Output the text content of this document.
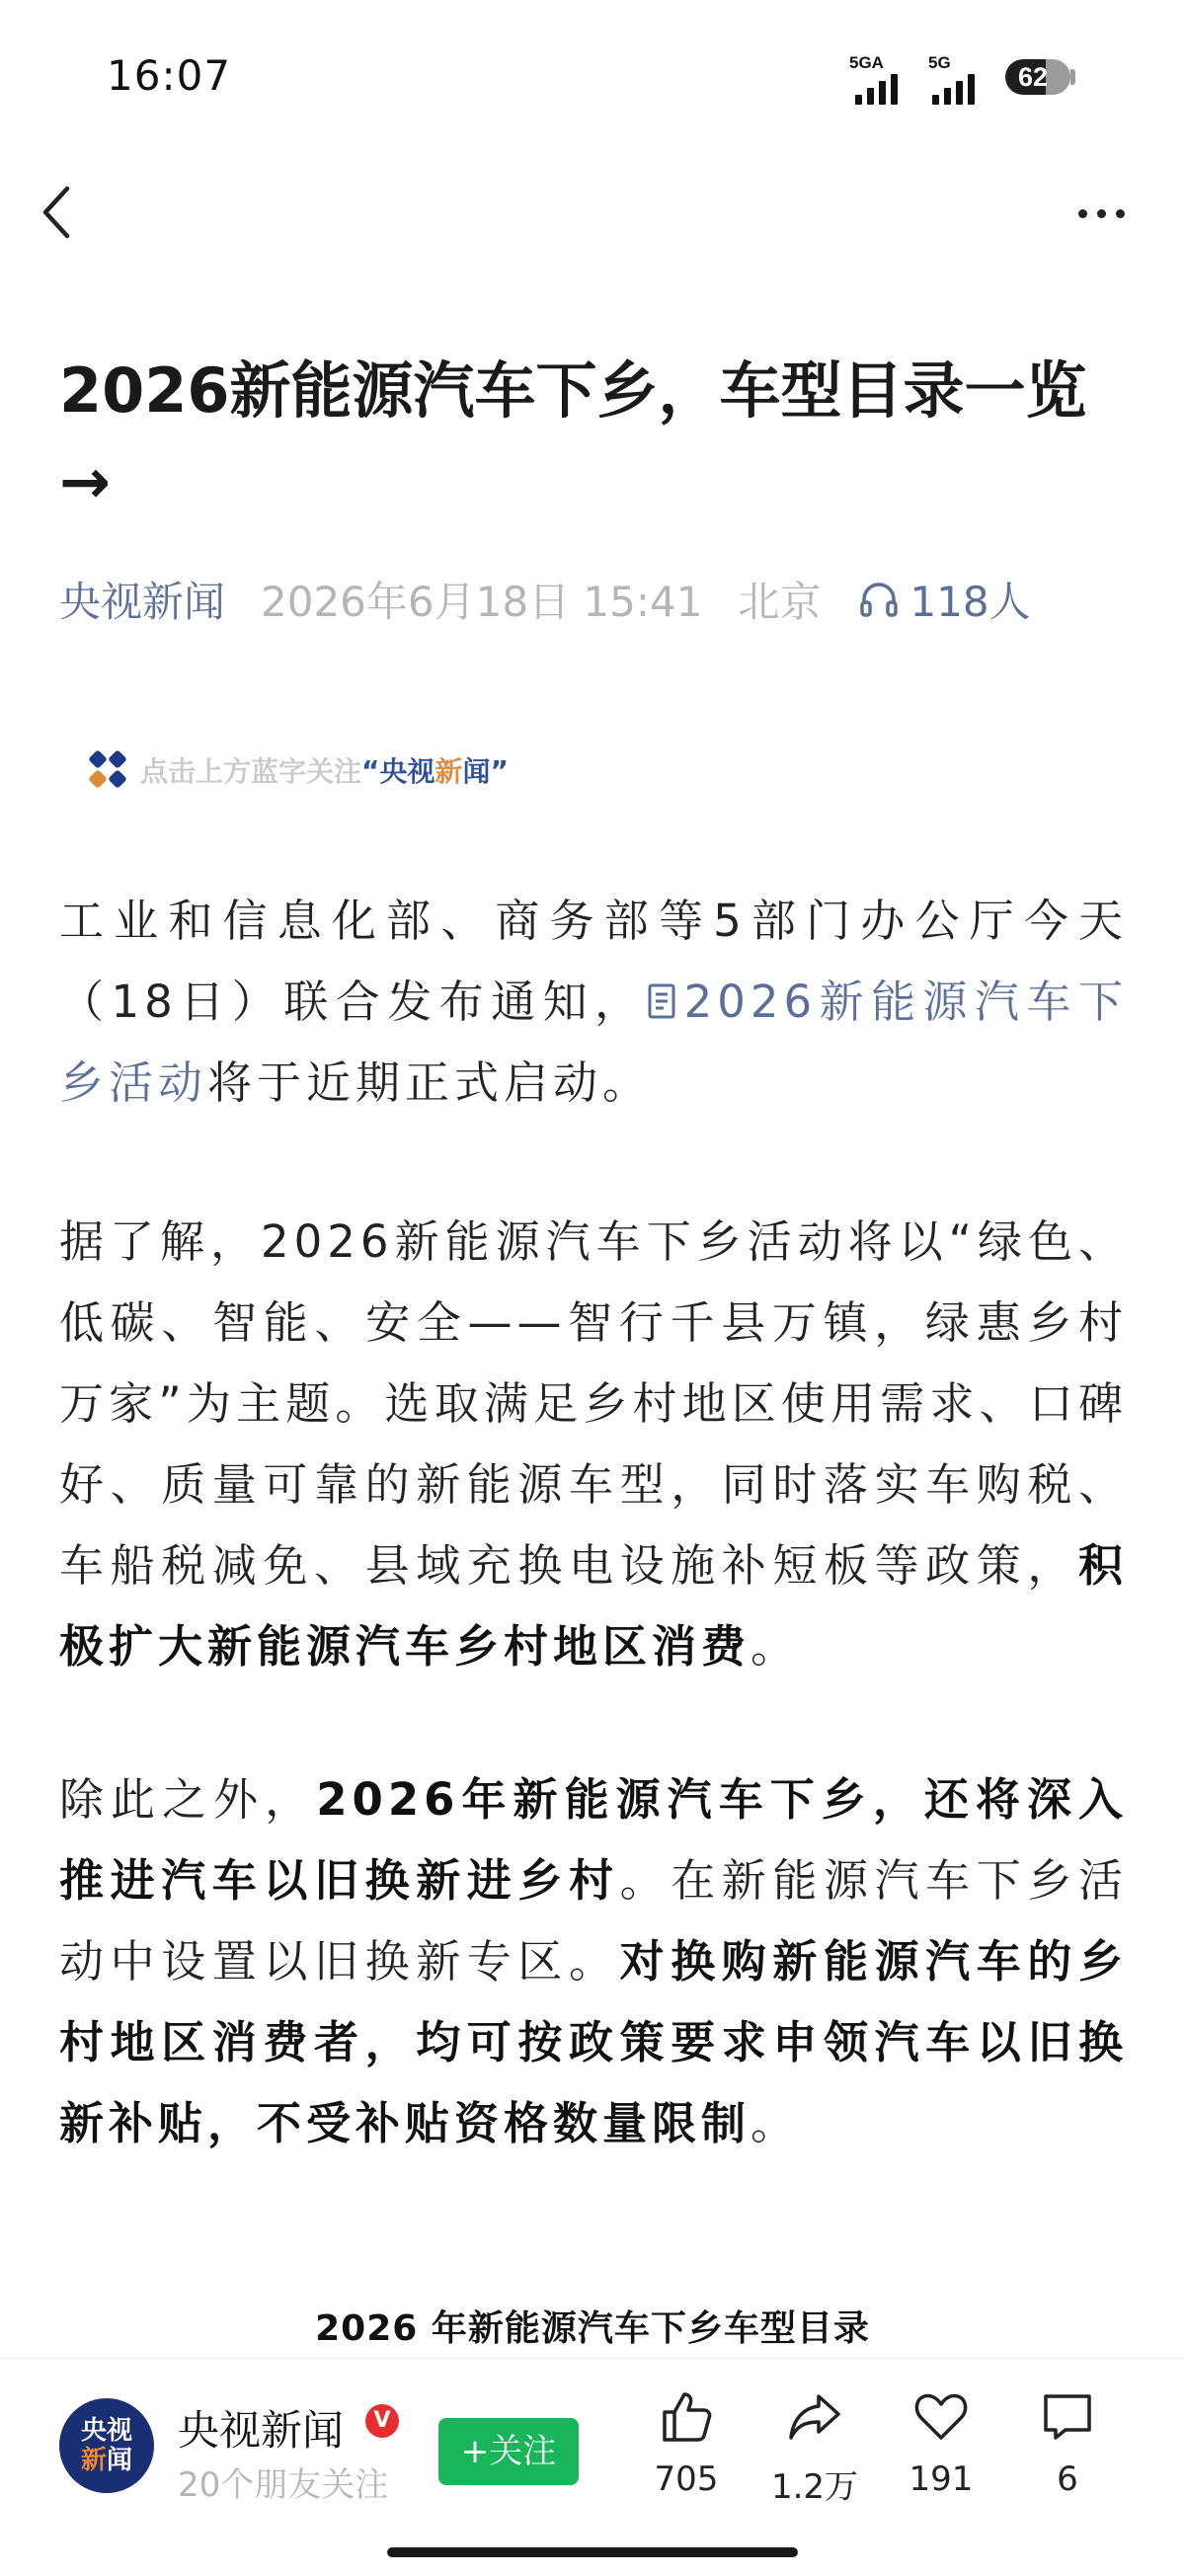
16:07	5GA	5G	62
2026新能源汽车下乡，车型目录一览→
央视新闻 2026年6月18日 15:41 北京 118人
点击上方蓝字关注 “ 央视 新 闻 ”

工业和信息化部、商务部等5部门办公厅今天（18日）联合发布通知， 2026新能源汽车下乡活动将于近期正式启动。

据了解，2026新能源汽车下乡活动将以“绿色、低碳、智能、安全——智行千县万镇，绿惠乡村万家”为主题。选取满足乡村地区使用需求、口碑好、质量可靠的新能源车型，同时落实车购税、车船税减免、县域充换电设施补短板等政策，积极扩大新能源汽车乡村地区消费。

除此之外，2026年新能源汽车下乡，还将深入推进汽车以旧换新进乡村。在新能源汽车下乡活动中设置以旧换新专区。对换购新能源汽车的乡村地区消费者，均可按政策要求申领汽车以旧换新补贴，不受补贴资格数量限制。

2026 年新能源汽车下乡车型目录
央视
新闻
央视新闻	V
20个朋友关注
+关注
705	1.2万	191	6
